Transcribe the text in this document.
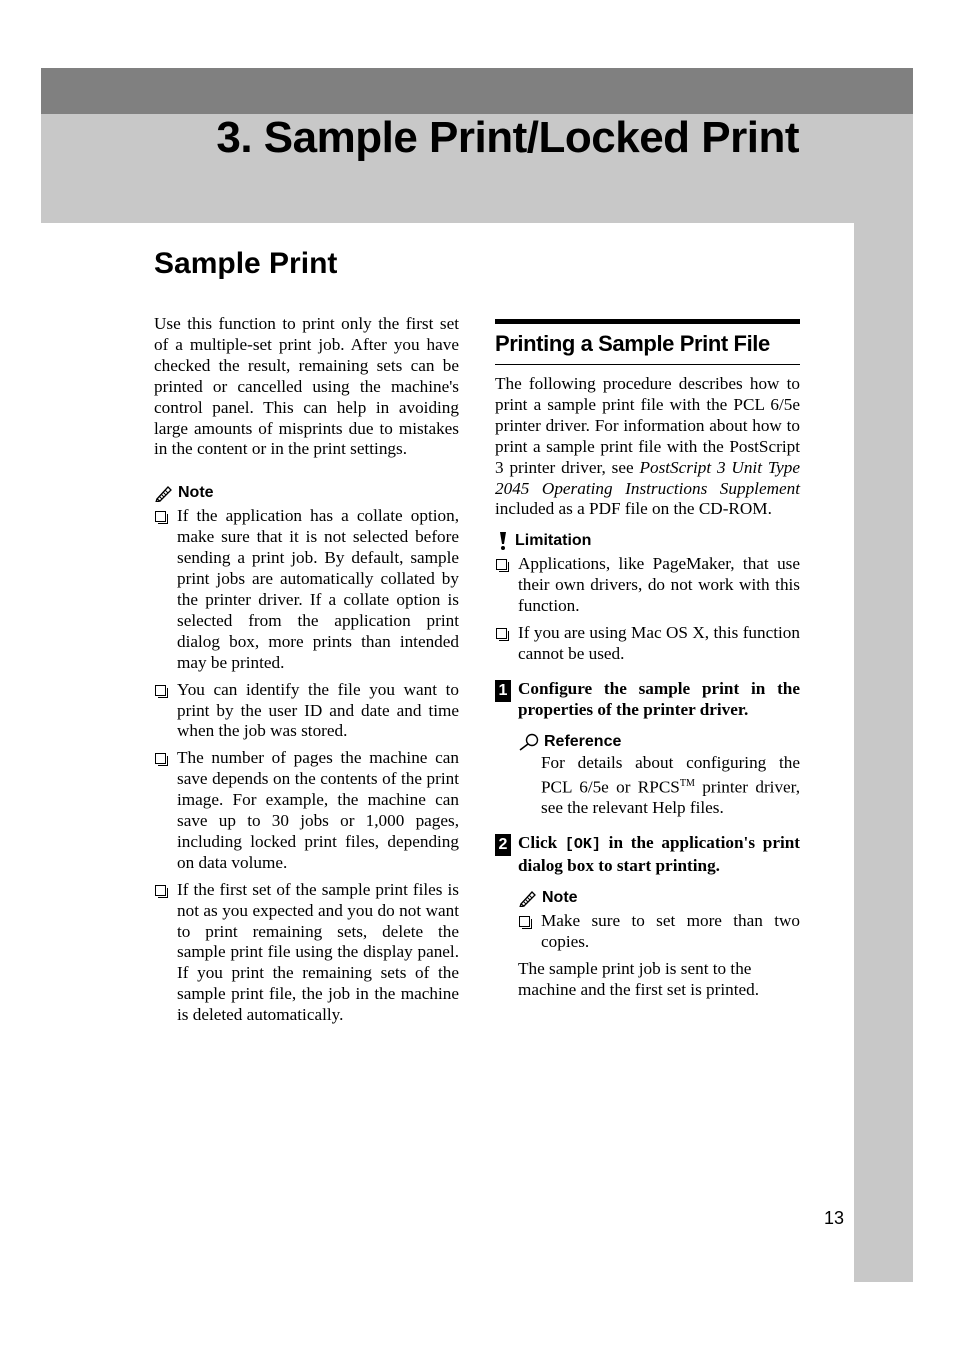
3. Sample Print/Locked Print
Sample Print

Use this function to print only the first set of a multiple-set print job. After you have checked the result, remaining sets can be printed or cancelled using the machine's control panel. This can help in avoiding large amounts of misprints due to mistakes in the content or in the print settings.

Note
If the application has a collate option, make sure that it is not selected before sending a print job. By default, sample print jobs are automatically collated by the printer driver. If a collate option is selected from the application print dialog box, more prints than intended may be printed.
You can identify the file you want to print by the user ID and date and time when the job was stored.
The number of pages the machine can save depends on the contents of the print image. For example, the machine can save up to 30 jobs or 1,000 pages, including locked print files, depending on data volume.
If the first set of the sample print files is not as you expected and you do not want to print remaining sets, delete the sample print file using the display panel. If you print the remaining sets of the sample print file, the job in the machine is deleted automatically.
Printing a Sample Print File

The following procedure describes how to print a sample print file with the PCL 6/5e printer driver. For information about how to print a sample print file with the PostScript 3 printer driver, see PostScript 3 Unit Type 2045 Operating Instructions Supplement included as a PDF file on the CD-ROM.

Limitation
Applications, like PageMaker, that use their own drivers, do not work with this function.
If you are using Mac OS X, this function cannot be used.
1 Configure the sample print in the properties of the printer driver.

Reference

For details about configuring the PCL 6/5e or RPCS™ printer driver, see the relevant Help files.

2 Click [OK] in the application's print dialog box to start printing.

Note
Make sure to set more than two copies.

The sample print job is sent to the machine and the first set is printed.

13
